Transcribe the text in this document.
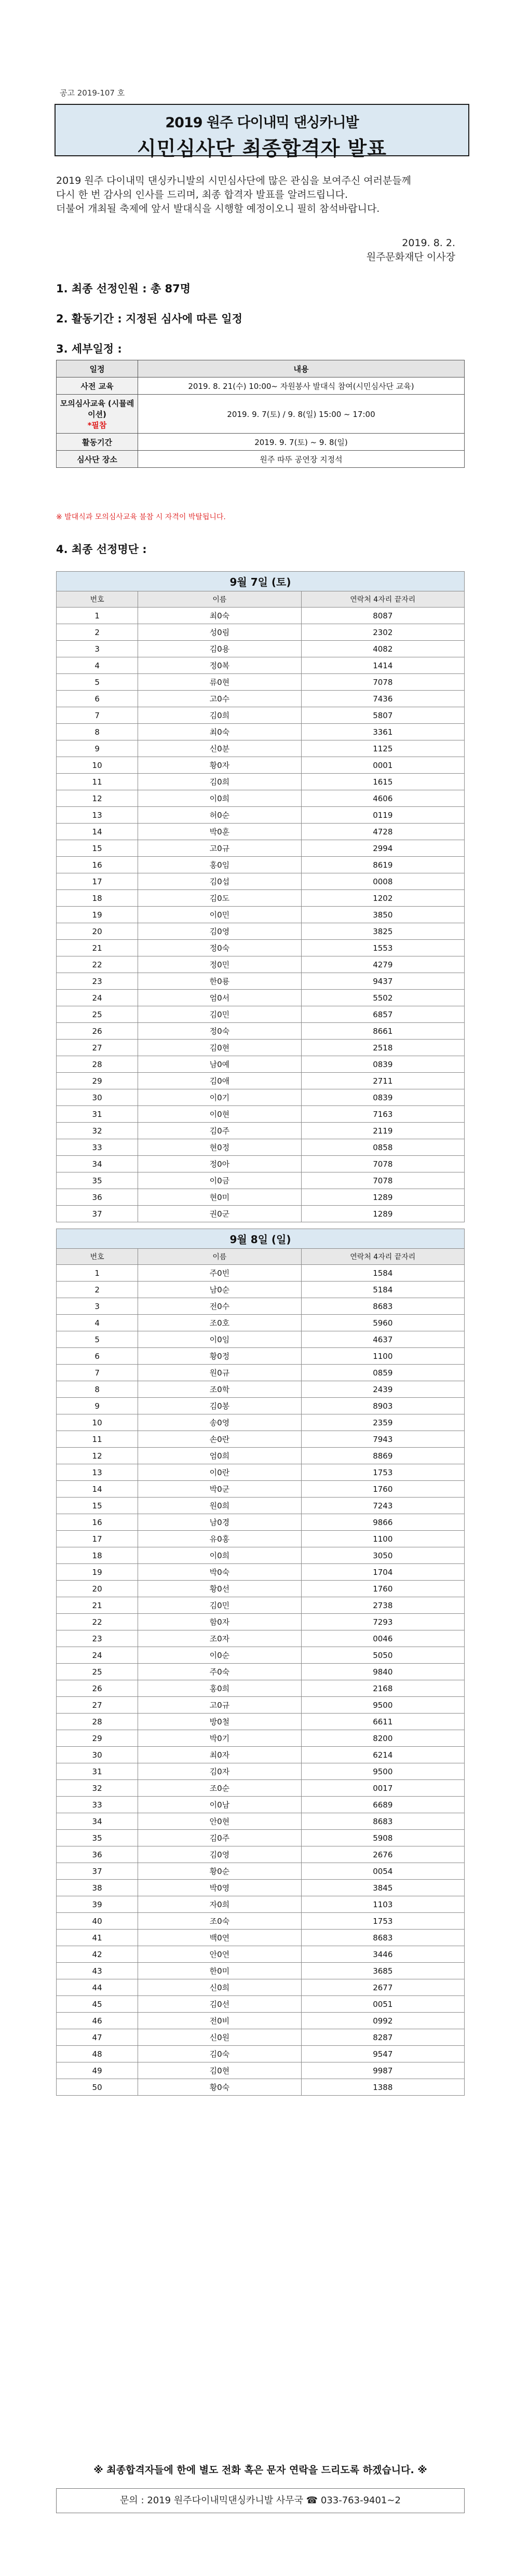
공고 2019-107 호
2019 원주 다이내믹 댄싱카니발
시민심사단 최종합격자 발표

2019 원주 다이내믹 댄싱카니발의 시민심사단에 많은 관심을 보여주신 여러분들께

다시 한 번 감사의 인사를 드리며, 최종 합격자 발표를 알려드립니다.

더불어 개최될 축제에 앞서 발대식을 시행할 예정이오니 필히 참석바랍니다.

2019. 8. 2.
원주문화재단 이사장
1. 최종 선정인원 : 총 87명
2. 활동기간 : 지정된 심사에 따른 일정
3. 세부일정 :
일정	내용
사전 교육	2019. 8. 21(수) 10:00~ 자원봉사 발대식 참여(시민심사단 교육)

모의심사교육 (시뮬레이션)
*필참	2019. 9. 7(토) / 9. 8(일) 15:00 ~ 17:00
활동기간	2019. 9. 7(토) ~ 9. 8(일)
심사단 장소	원주 따뚜 공연장 지정석
※ 발대식과 모의심사교육 불참 시 자격이 박탈됩니다.
4. 최종 선정명단 :
9월 7일 (토)		
번호	이름	연락처 4자리 끝자리
1	최0숙	8087
2	성0림	2302
3	김0용	4082
4	정0복	1414
5	류0현	7078
6	고0수	7436
7	김0희	5807
8	최0숙	3361
9	신0분	1125
10	황0자	0001
11	김0희	1615
12	이0희	4606
13	허0순	0119
14	박0훈	4728
15	고0규	2994
16	홍0임	8619
17	김0섭	0008
18	김0도	1202
19	이0민	3850
20	김0영	3825
21	정0숙	1553
22	정0민	4279
23	한0룡	9437
24	엄0서	5502
25	김0민	6857
26	정0숙	8661
27	김0현	2518
28	남0예	0839
29	김0애	2711
30	이0기	0839
31	이0현	7163
32	김0주	2119
33	현0정	0858
34	정0아	7078
35	이0금	7078
36	현0미	1289
37	권0군	1289
9월 8일 (일)		
번호	이름	연락처 4자리 끝자리
1	주0빈	1584
2	남0순	5184
3	전0수	8683
4	조0호	5960
5	이0임	4637
6	황0정	1100
7	원0규	0859
8	조0학	2439
9	김0봉	8903
10	송0영	2359
11	손0란	7943
12	엄0희	8869
13	이0란	1753
14	박0군	1760
15	원0희	7243
16	남0경	9866
17	유0홍	1100
18	이0희	3050
19	박0숙	1704
20	황0선	1760
21	김0민	2738
22	함0자	7293
23	조0자	0046
24	이0순	5050
25	주0숙	9840
26	홍0희	2168
27	고0규	9500
28	방0철	6611
29	박0기	8200
30	최0자	6214
31	김0자	9500
32	조0순	0017
33	이0남	6689
34	안0현	8683
35	김0주	5908
36	김0영	2676
37	황0순	0054
38	박0영	3845
39	자0희	1103
40	조0숙	1753
41	백0연	8683
42	안0연	3446
43	한0미	3685
44	신0희	2677
45	김0선	0051
46	전0비	0992
47	신0원	8287
48	김0숙	9547
49	김0현	9987
50	황0숙	1388
※ 최종합격자들에 한에 별도 전화 혹은 문자 연락을 드리도록 하겠습니다. ※
문의 : 2019 원주다이내믹댄싱카니발 사무국 ☎ 033-763-9401~2
